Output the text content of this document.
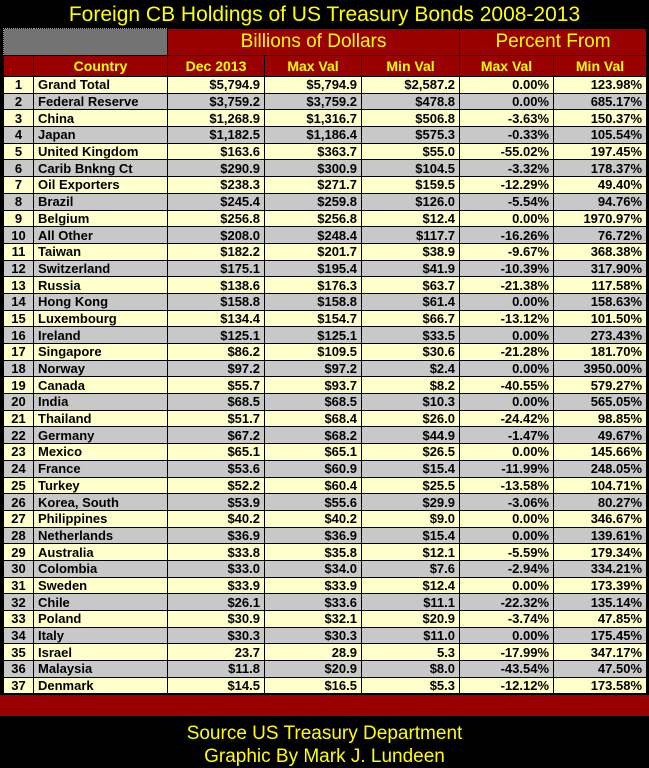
Foreign CB Holdings of US Treasury Bonds 2008-2013
		Billions of Dollars			Percent From	
	Country	Dec 2013	Max Val	Min Val	Max Val	Min Val
1	Grand Total	$5,794.9	$5,794.9	$2,587.2	0.00%	123.98%
2	Federal Reserve	$3,759.2	$3,759.2	$478.8	0.00%	685.17%
3	China	$1,268.9	$1,316.7	$506.8	-3.63%	150.37%
4	Japan	$1,182.5	$1,186.4	$575.3	-0.33%	105.54%
5	United Kingdom	$163.6	$363.7	$55.0	-55.02%	197.45%
6	Carib Bnkng Ct	$290.9	$300.9	$104.5	-3.32%	178.37%
7	Oil Exporters	$238.3	$271.7	$159.5	-12.29%	49.40%
8	Brazil	$245.4	$259.8	$126.0	-5.54%	94.76%
9	Belgium	$256.8	$256.8	$12.4	0.00%	1970.97%
10	All Other	$208.0	$248.4	$117.7	-16.26%	76.72%
11	Taiwan	$182.2	$201.7	$38.9	-9.67%	368.38%
12	Switzerland	$175.1	$195.4	$41.9	-10.39%	317.90%
13	Russia	$138.6	$176.3	$63.7	-21.38%	117.58%
14	Hong Kong	$158.8	$158.8	$61.4	0.00%	158.63%
15	Luxembourg	$134.4	$154.7	$66.7	-13.12%	101.50%
16	Ireland	$125.1	$125.1	$33.5	0.00%	273.43%
17	Singapore	$86.2	$109.5	$30.6	-21.28%	181.70%
18	Norway	$97.2	$97.2	$2.4	0.00%	3950.00%
19	Canada	$55.7	$93.7	$8.2	-40.55%	579.27%
20	India	$68.5	$68.5	$10.3	0.00%	565.05%
21	Thailand	$51.7	$68.4	$26.0	-24.42%	98.85%
22	Germany	$67.2	$68.2	$44.9	-1.47%	49.67%
23	Mexico	$65.1	$65.1	$26.5	0.00%	145.66%
24	France	$53.6	$60.9	$15.4	-11.99%	248.05%
25	Turkey	$52.2	$60.4	$25.5	-13.58%	104.71%
26	Korea, South	$53.9	$55.6	$29.9	-3.06%	80.27%
27	Philippines	$40.2	$40.2	$9.0	0.00%	346.67%
28	Netherlands	$36.9	$36.9	$15.4	0.00%	139.61%
29	Australia	$33.8	$35.8	$12.1	-5.59%	179.34%
30	Colombia	$33.0	$34.0	$7.6	-2.94%	334.21%
31	Sweden	$33.9	$33.9	$12.4	0.00%	173.39%
32	Chile	$26.1	$33.6	$11.1	-22.32%	135.14%
33	Poland	$30.9	$32.1	$20.9	-3.74%	47.85%
34	Italy	$30.3	$30.3	$11.0	0.00%	175.45%
35	Israel	23.7	28.9	5.3	-17.99%	347.17%
36	Malaysia	$11.8	$20.9	$8.0	-43.54%	47.50%
37	Denmark	$14.5	$16.5	$5.3	-12.12%	173.58%
Source US Treasury Department
Graphic By Mark J. Lundeen
